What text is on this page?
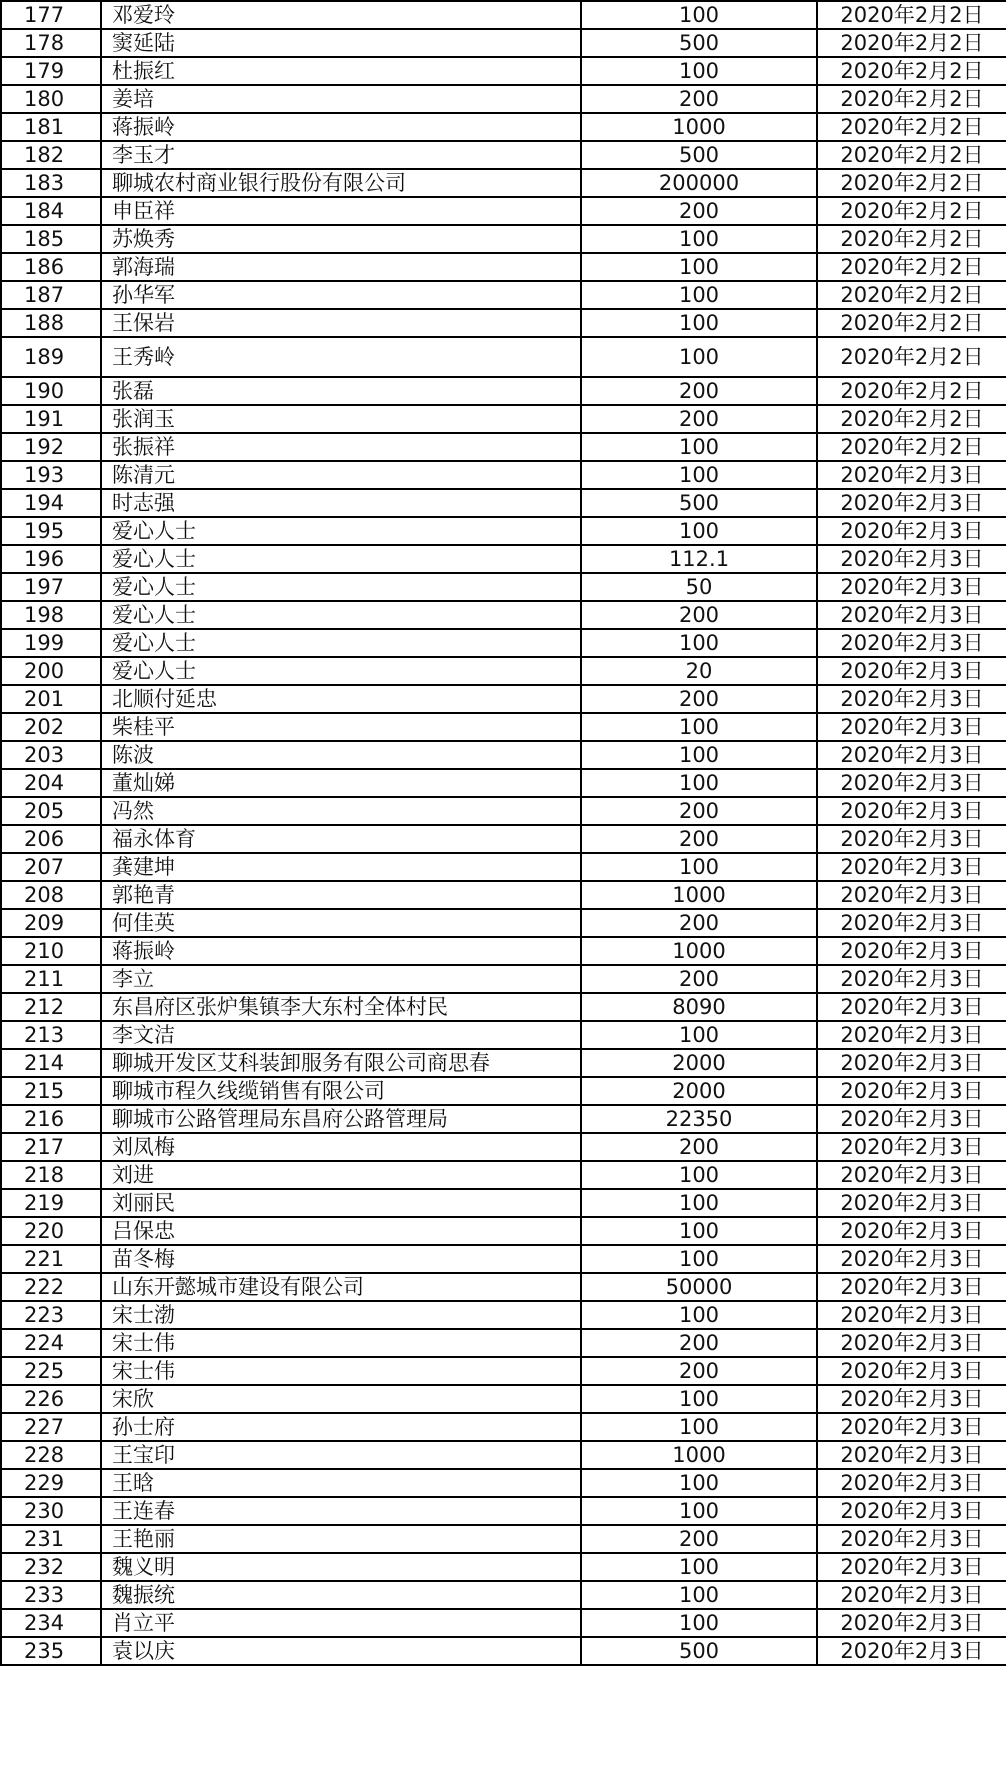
177	邓爱玲	100	2020年2月2日
178	窦延陆	500	2020年2月2日
179	杜振红	100	2020年2月2日
180	姜培	200	2020年2月2日
181	蒋振岭	1000	2020年2月2日
182	李玉才	500	2020年2月2日
183	聊城农村商业银行股份有限公司	200000	2020年2月2日
184	申臣祥	200	2020年2月2日
185	苏焕秀	100	2020年2月2日
186	郭海瑞	100	2020年2月2日
187	孙华军	100	2020年2月2日
188	王保岩	100	2020年2月2日
189	王秀岭	100	2020年2月2日
190	张磊	200	2020年2月2日
191	张润玉	200	2020年2月2日
192	张振祥	100	2020年2月2日
193	陈清元	100	2020年2月3日
194	时志强	500	2020年2月3日
195	爱心人士	100	2020年2月3日
196	爱心人士	112.1	2020年2月3日
197	爱心人士	50	2020年2月3日
198	爱心人士	200	2020年2月3日
199	爱心人士	100	2020年2月3日
200	爱心人士	20	2020年2月3日
201	北顺付延忠	200	2020年2月3日
202	柴桂平	100	2020年2月3日
203	陈波	100	2020年2月3日
204	董灿娣	100	2020年2月3日
205	冯然	200	2020年2月3日
206	福永体育	200	2020年2月3日
207	龚建坤	100	2020年2月3日
208	郭艳青	1000	2020年2月3日
209	何佳英	200	2020年2月3日
210	蒋振岭	1000	2020年2月3日
211	李立	200	2020年2月3日
212	东昌府区张炉集镇李大东村全体村民	8090	2020年2月3日
213	李文洁	100	2020年2月3日
214	聊城开发区艾科装卸服务有限公司商思春	2000	2020年2月3日
215	聊城市程久线缆销售有限公司	2000	2020年2月3日
216	聊城市公路管理局东昌府公路管理局	22350	2020年2月3日
217	刘凤梅	200	2020年2月3日
218	刘进	100	2020年2月3日
219	刘丽民	100	2020年2月3日
220	吕保忠	100	2020年2月3日
221	苗冬梅	100	2020年2月3日
222	山东开懿城市建设有限公司	50000	2020年2月3日
223	宋士渤	100	2020年2月3日
224	宋士伟	200	2020年2月3日
225	宋士伟	200	2020年2月3日
226	宋欣	100	2020年2月3日
227	孙士府	100	2020年2月3日
228	王宝印	1000	2020年2月3日
229	王晗	100	2020年2月3日
230	王连春	100	2020年2月3日
231	王艳丽	200	2020年2月3日
232	魏义明	100	2020年2月3日
233	魏振统	100	2020年2月3日
234	肖立平	100	2020年2月3日
235	袁以庆	500	2020年2月3日
